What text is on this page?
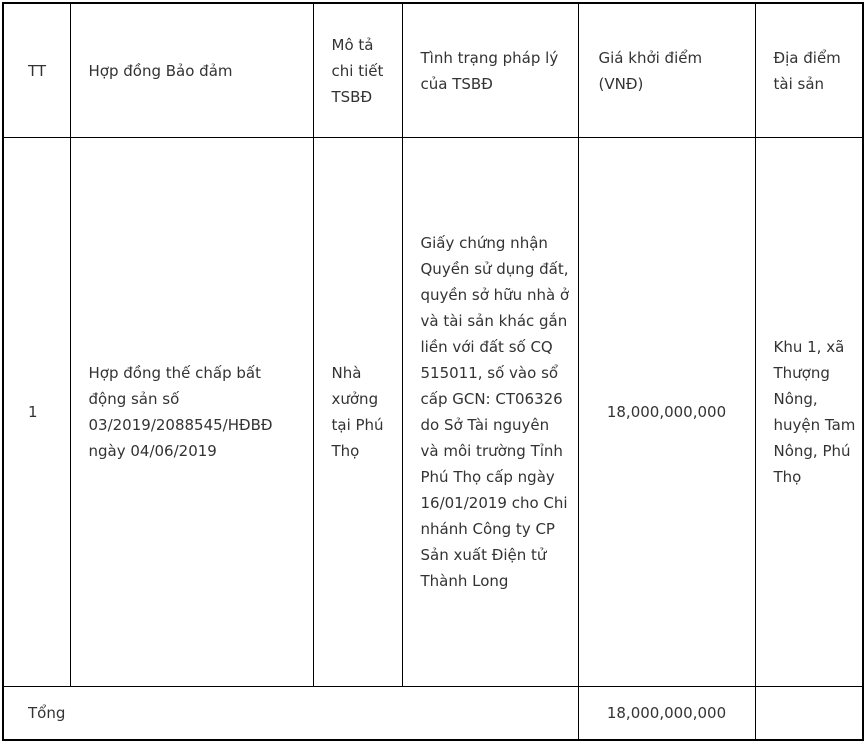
TT	Hợp đồng Bảo đảm	Mô tả chi tiết TSBĐ	Tình trạng pháp lý của TSBĐ	Giá khởi điểm (VNĐ)	Địa điểm tài sản
1	Hợp đồng thế chấp bất động sản số 03/2019/2088545/HĐBĐ ngày 04/06/2019	Nhà xưởng tại Phú Thọ	Giấy chứng nhận Quyền sử dụng đất, quyền sở hữu nhà ở và tài sản khác gắn liền với đất số CQ 515011, số vào sổ cấp GCN: CT06326 do Sở Tài nguyên và môi trường Tỉnh Phú Thọ cấp ngày 16/01/2019 cho Chi nhánh Công ty CP Sản xuất Điện tử Thành Long	18,000,000,000	Khu 1, xã Thượng Nông, huyện Tam Nông, Phú Thọ
Tổng				18,000,000,000	
